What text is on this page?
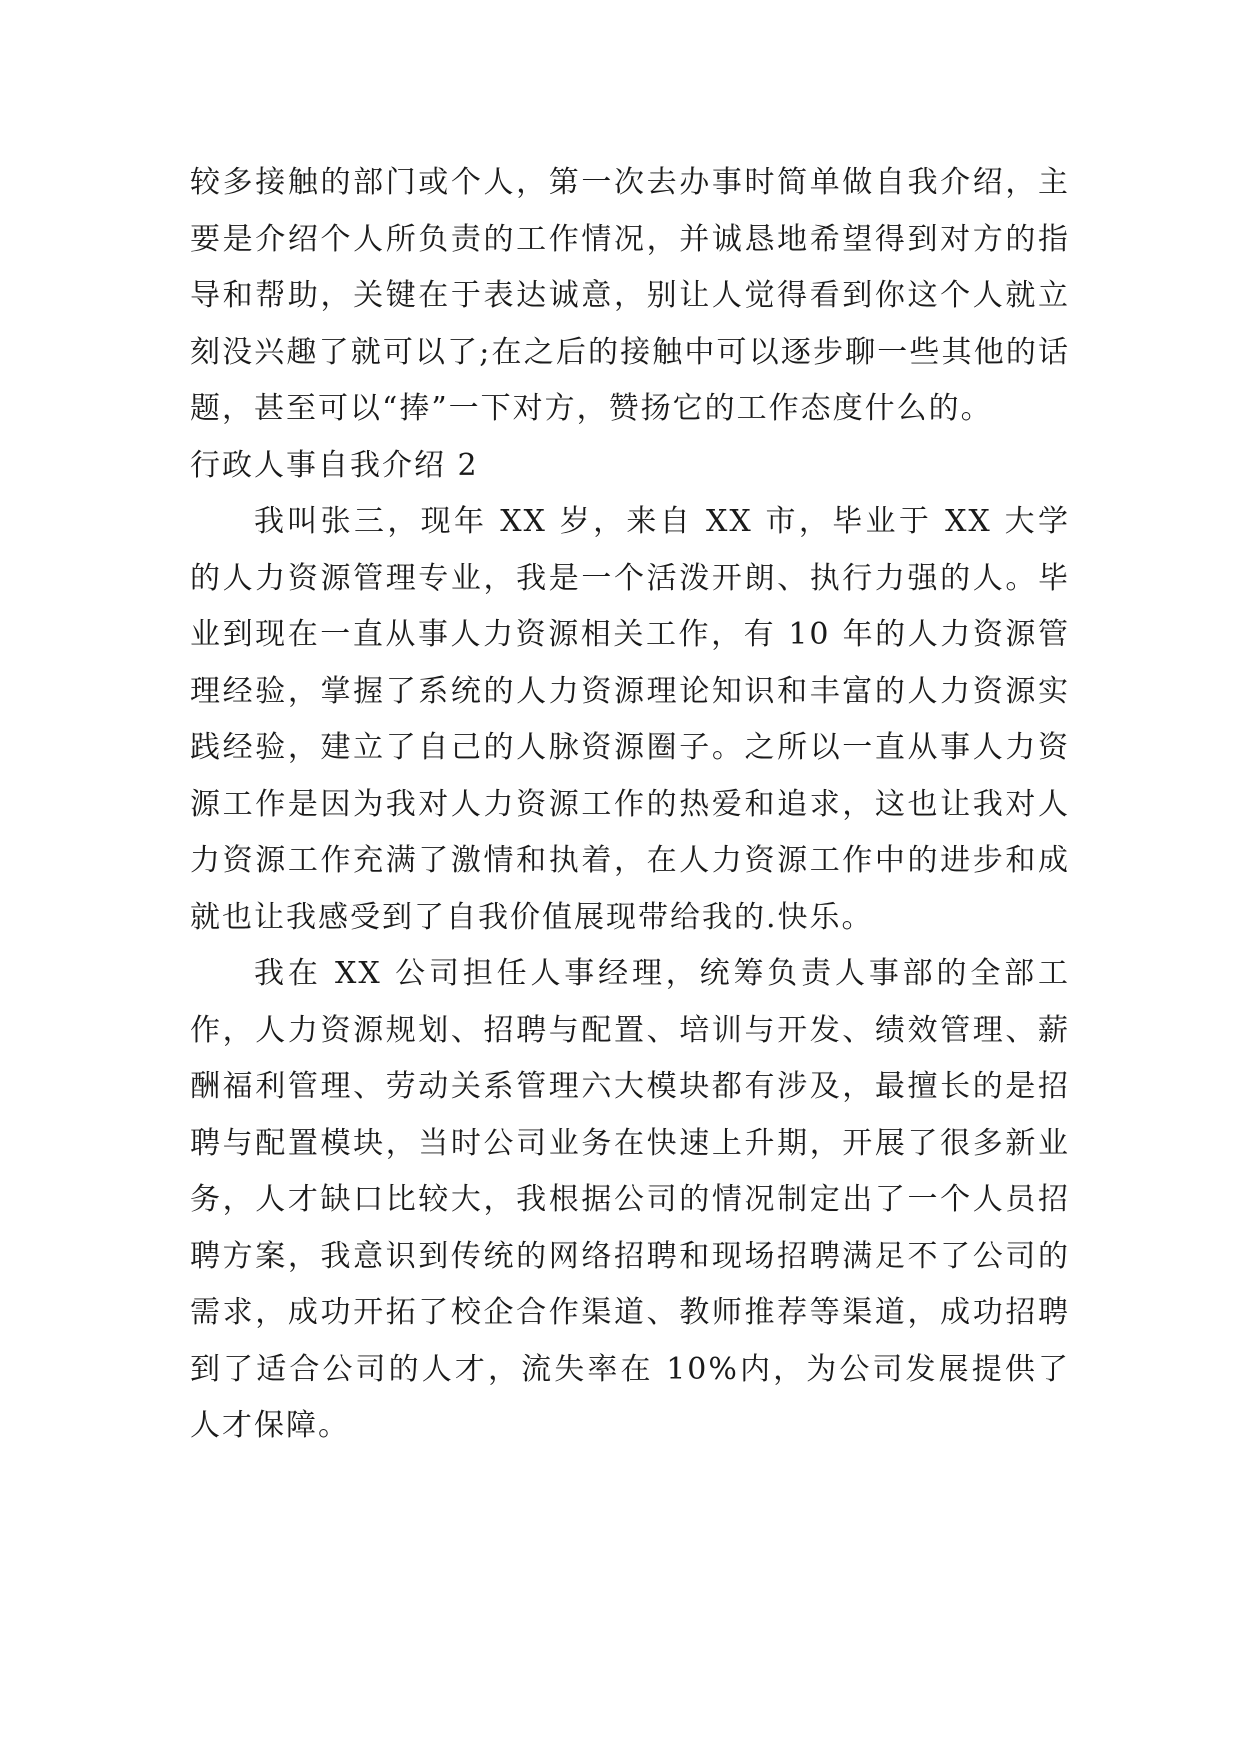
较多接触的部门或个人，第一次去办事时简单做自我介绍，主要是介绍个人所负责的工作情况，并诚恳地希望得到对方的指导和帮助，关键在于表达诚意，别让人觉得看到你这个人就立刻没兴趣了就可以了;在之后的接触中可以逐步聊一些其他的话题，甚至可以“捧”一下对方，赞扬它的工作态度什么的。

行政人事自我介绍 2

我叫张三，现年 XX 岁，来自 XX 市，毕业于 XX 大学的人力资源管理专业，我是一个活泼开朗、执行力强的人。毕业到现在一直从事人力资源相关工作，有 10 年的人力资源管理经验，掌握了系统的人力资源理论知识和丰富的人力资源实践经验，建立了自己的人脉资源圈子。之所以一直从事人力资源工作是因为我对人力资源工作的热爱和追求，这也让我对人力资源工作充满了激情和执着，在人力资源工作中的进步和成就也让我感受到了自我价值展现带给我的.快乐。

我在 XX 公司担任人事经理，统筹负责人事部的全部工作，人力资源规划、招聘与配置、培训与开发、绩效管理、薪酬福利管理、劳动关系管理六大模块都有涉及，最擅长的是招聘与配置模块，当时公司业务在快速上升期，开展了很多新业务，人才缺口比较大，我根据公司的情况制定出了一个人员招聘方案，我意识到传统的网络招聘和现场招聘满足不了公司的需求，成功开拓了校企合作渠道、教师推荐等渠道，成功招聘到了适合公司的人才，流失率在 10%内，为公司发展提供了人才保障。
